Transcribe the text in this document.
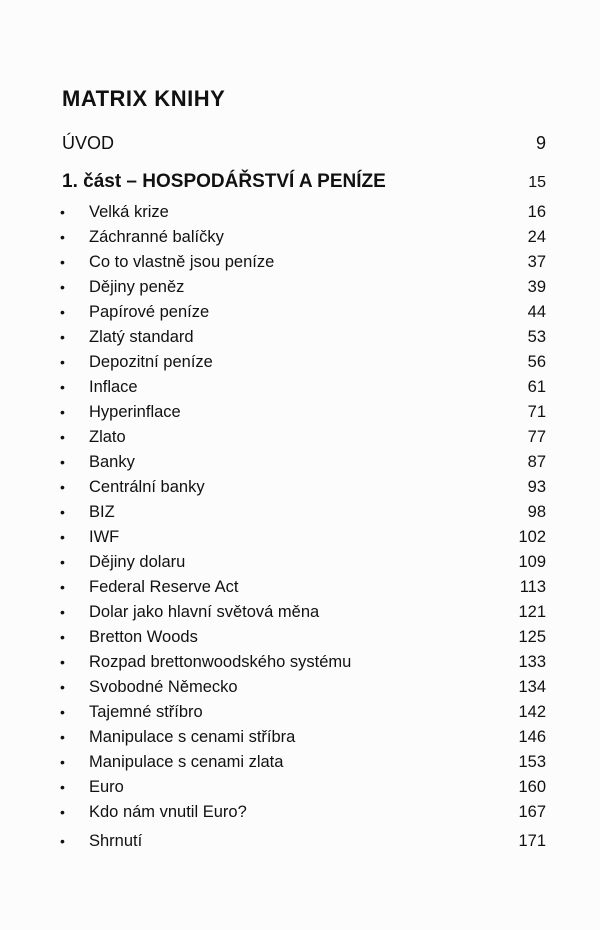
MATRIX KNIHY
ÚVOD	9
1. část – HOSPODÁŘSTVÍ A PENÍZE	15
• Velká krize	16
• Záchranné balíčky	24
• Co to vlastně jsou peníze	37
• Dějiny peněz	39
• Papírové peníze	44
• Zlatý standard	53
• Depozitní peníze	56
• Inflace	61
• Hyperinflace	71
• Zlato	77
• Banky	87
• Centrální banky	93
• BIZ	98
• IWF	102
• Dějiny dolaru	109
• Federal Reserve Act	113
• Dolar jako hlavní světová měna	121
• Bretton Woods	125
• Rozpad brettonwoodského systému	133
• Svobodné Německo	134
• Tajemné stříbro	142
• Manipulace s cenami stříbra	146
• Manipulace s cenami zlata	153
• Euro	160
• Kdo nám vnutil Euro?	167
• Shrnutí	171
